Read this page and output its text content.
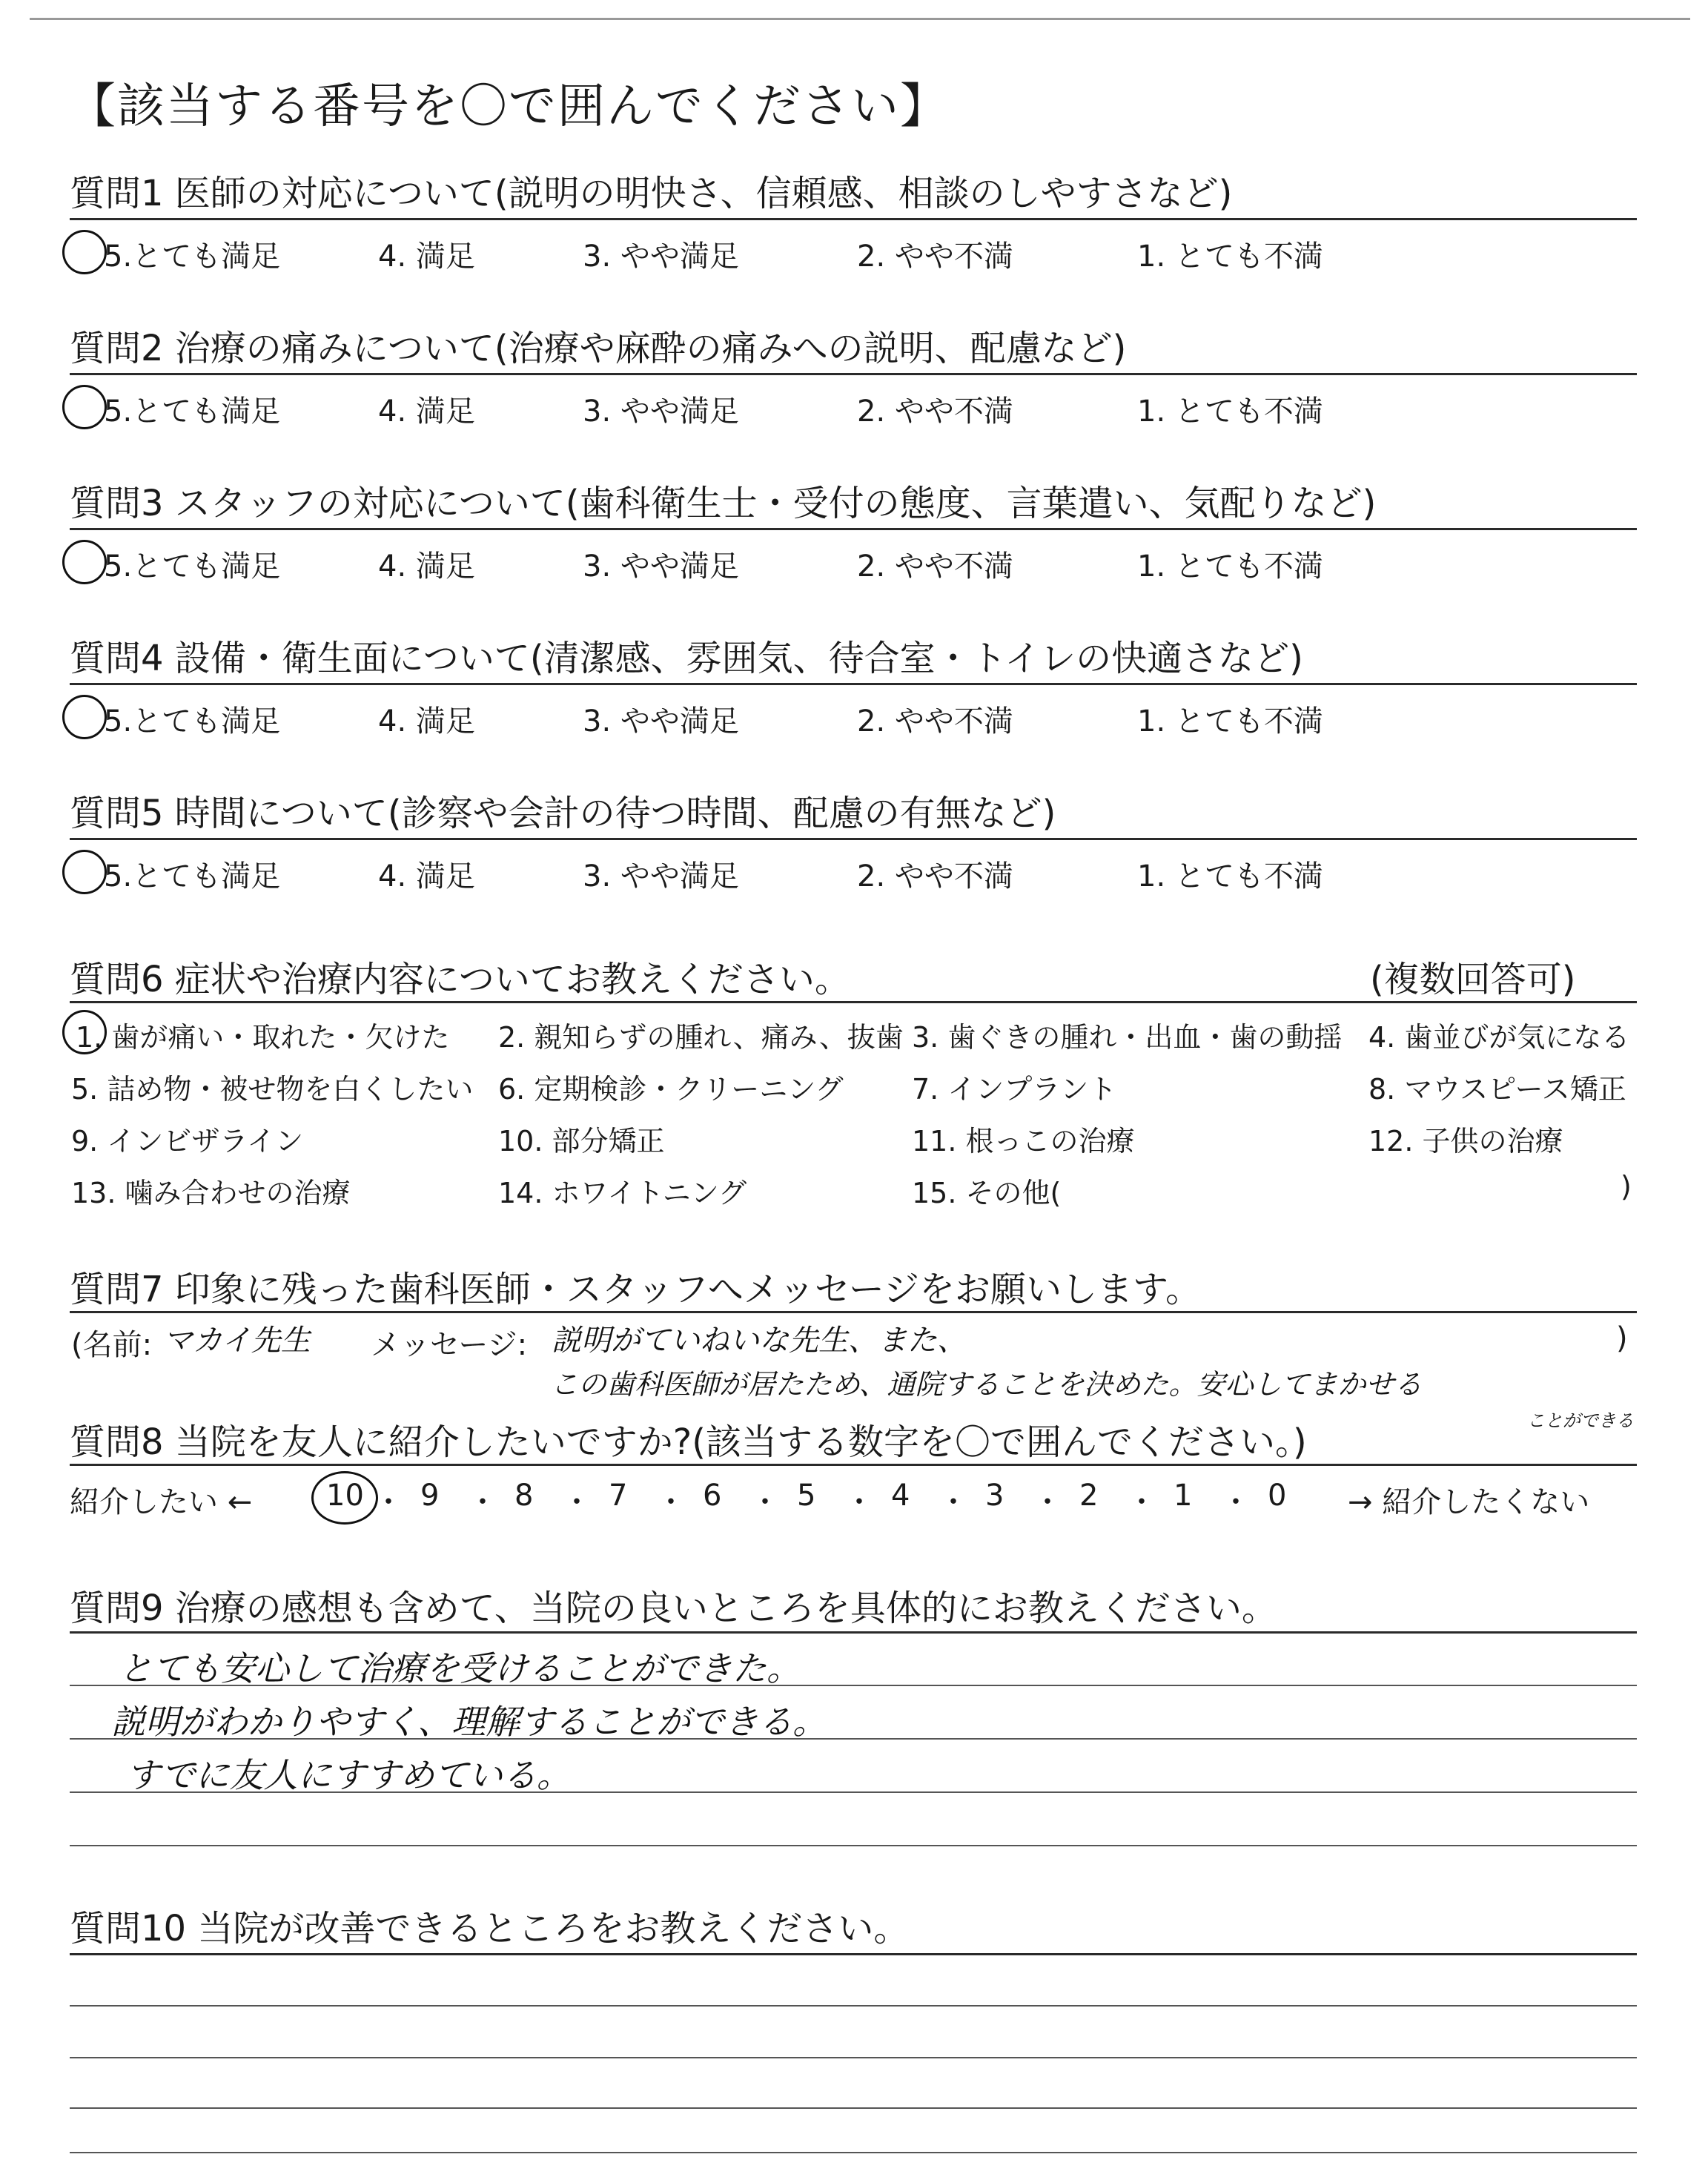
【該当する番号を〇で囲んでください】
質問1 医師の対応について(説明の明快さ、信頼感、相談のしやすさなど)
5.とても満足	4. 満足	3. やや満足	2. やや不満	1. とても不満
質問2 治療の痛みについて(治療や麻酔の痛みへの説明、配慮など)
5.とても満足	4. 満足	3. やや満足	2. やや不満	1. とても不満
質問3 スタッフの対応について(歯科衛生士・受付の態度、言葉遣い、気配りなど)
5.とても満足	4. 満足	3. やや満足	2. やや不満	1. とても不満
質問4 設備・衛生面について(清潔感、雰囲気、待合室・トイレの快適さなど)
5.とても満足	4. 満足	3. やや満足	2. やや不満	1. とても不満
質問5 時間について(診察や会計の待つ時間、配慮の有無など)
5.とても満足	4. 満足	3. やや満足	2. やや不満	1. とても不満
質問6 症状や治療内容についてお教えください。	(複数回答可)
1. 歯が痛い・取れた・欠けた 2. 親知らずの腫れ、痛み、抜歯 3. 歯ぐきの腫れ・出血・歯の動揺 4. 歯並びが気になる
5. 詰め物・被せ物を白くしたい 6. 定期検診・クリーニング 7. インプラント	8. マウスピース矯正
9. インビザライン	10. 部分矯正	11. 根っこの治療	12. 子供の治療
13. 噛み合わせの治療	14. ホワイトニング	15. その他(	)
質問7 印象に残った歯科医師・スタッフへメッセージをお願いします。
(名前: マカイ先生 メッセージ: 説明がていねいな先生、また、	)
この歯科医師が居たため、通院することを決めた。安心してまかせる
ことができる
質問8 当院を友人に紹介したいですか?(該当する数字を〇で囲んでください。)
紹介したい ← 10 ・ 9 ・ 8 ・ 7 ・ 6 ・ 5 ・ 4 ・ 3 ・ 2 ・ 1 ・ 0 → 紹介したくない
質問9 治療の感想も含めて、当院の良いところを具体的にお教えください。
とても安心して治療を受けることができた。
説明がわかりやすく、理解することができる。
すでに友人にすすめている。
質問10 当院が改善できるところをお教えください。
